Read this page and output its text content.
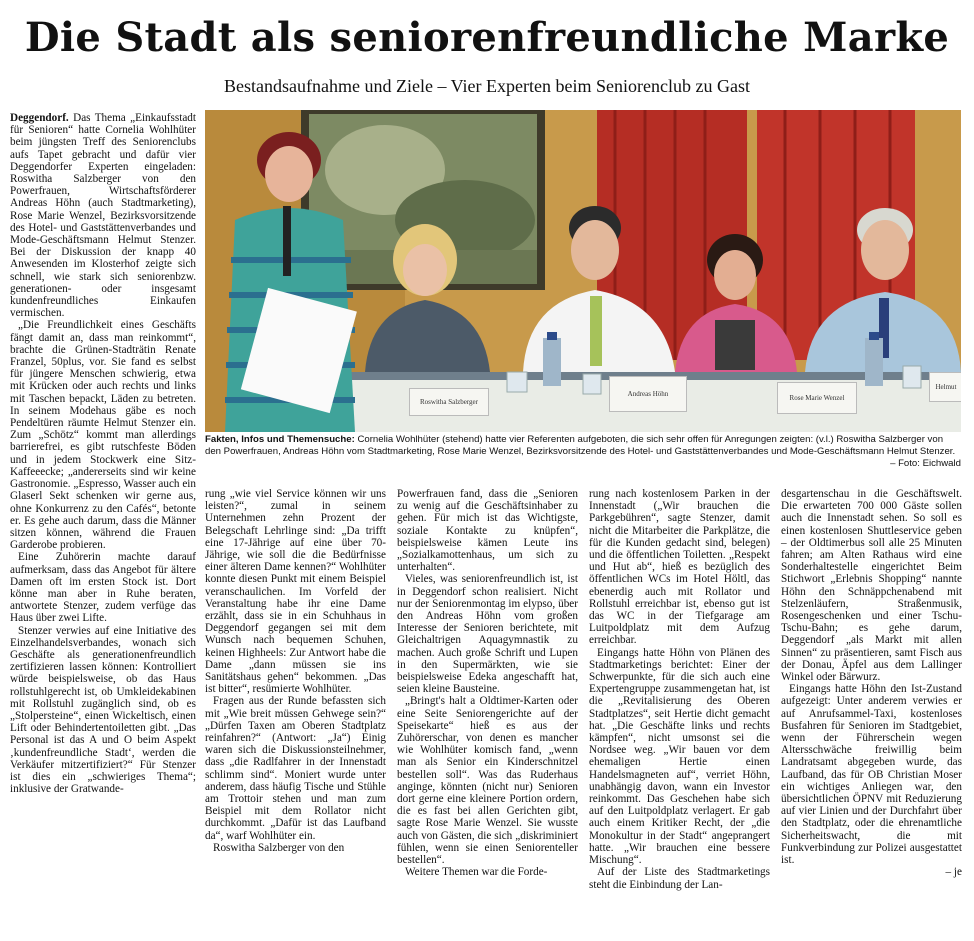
Die Stadt als seniorenfreundliche Marke
Bestandsaufnahme und Ziele – Vier Experten beim Seniorenclub zu Gast

Deggendorf. Das Thema „Einkaufsstadt für Senioren“ hatte Cornelia Wohlhüter beim jüngsten Treff des Seniorenclubs aufs Tapet gebracht und dafür vier Deggendorfer Experten eingeladen: Roswitha Salzberger von den Powerfrauen, Wirtschaftsförderer Andreas Höhn (auch Stadtmarketing), Rose Marie Wenzel, Bezirksvorsitzende des Hotel- und Gaststättenverbandes und Mode-Geschäftsmann Helmut Stenzer. Bei der Diskussion der knapp 40 Anwesenden im Klosterhof zeigte sich schnell, wie stark sich seniorenbzw. generationen- oder insgesamt kundenfreundliches Einkaufen vermischen.

„Die Freundlichkeit eines Geschäfts fängt damit an, dass man reinkommt“, brachte die Grünen-Stadträtin Renate Franzel, 50plus, vor. Sie fand es selbst für jüngere Menschen schwierig, etwa mit Krücken oder auch rechts und links mit Taschen bepackt, Läden zu betreten. In seinem Modehaus gäbe es noch Pendeltüren räumte Helmut Stenzer ein. Zum „Schötz“ kommt man allerdings barrierefrei, es gibt rutschfeste Böden und in jedem Stockwerk eine Sitz-Kaffeeecke; „andererseits sind wir keine Gastronomie. „Espresso, Wasser auch ein Glaserl Sekt schenken wir gerne aus, ohne Konkurrenz zu den Cafés“, betonte er. Es gehe auch darum, dass die Männer sitzen können, während die Frauen Garderobe probieren.

Eine Zuhörerin machte darauf aufmerksam, dass das Angebot für ältere Damen oft im ersten Stock ist. Dort könne man aber in Ruhe beraten, antwortete Stenzer, zudem verfüge das Haus über zwei Lifte.

Stenzer verwies auf eine Initiative des Einzelhandelsverbandes, wonach sich Geschäfte als generationenfreundlich zertifizieren lassen können: Kontrolliert würde beispielsweise, ob das Haus rollstuhlgerecht ist, ob Umkleidekabinen mit Rollstuhl zugänglich sind, ob es „Stolpersteine“, einen Wickeltisch, einen Lift oder Behindertentoiletten gibt. „Das Personal ist das A und O beim Aspekt ‚kundenfreundliche Stadt‘, werden die Verkäufer mitzertifiziert?“ Für Stenzer ist dies ein „schwieriges Thema“; inklusive der Gratwande-

Roswitha Salzberger
Andreas Höhn	Rose Marie Wenzel
Helmut
Fakten, Infos und Themensuche: Cornelia Wohlhüter (stehend) hatte vier Referenten aufgeboten, die sich sehr offen für Anregungen zeigten: (v.l.) Roswitha Salzberger von den Powerfrauen, Andreas Höhn vom Stadtmarketing, Rose Marie Wenzel, Bezirksvorsitzende des Hotel- und Gaststättenverbandes und Mode-Geschäftsmann Helmut Stenzer.
– Foto: Eichwald

rung „wie viel Service können wir uns leisten?“, zumal in seinem Unternehmen zehn Prozent der Belegschaft Lehrlinge sind: „Da trifft eine 17-Jährige auf eine über 70-Jährige, wie soll die die Bedürfnisse einer älteren Dame kennen?“ Wohlhüter konnte diesen Punkt mit einem Beispiel veranschaulichen. Im Vorfeld der Veranstaltung habe ihr eine Dame erzählt, dass sie in ein Schuhhaus in Deggendorf gegangen sei mit dem Wunsch nach bequemen Schuhen, keinen Highheels: Zur Antwort habe die Dame „dann müssen sie ins Sanitätshaus gehen“ bekommen. „Das ist bitter“, resümierte Wohlhüter.

Fragen aus der Runde befassten sich mit „Wie breit müssen Gehwege sein?“ „Dürfen Taxen am Oberen Stadtplatz reinfahren?“ (Antwort: „Ja“) Einig waren sich die Diskussionsteilnehmer, dass „die Radlfahrer in der Innenstadt schlimm sind“. Moniert wurde unter anderem, dass häufig Tische und Stühle am Trottoir stehen und man zum Beispiel mit dem Rollator nicht durchkommt. „Dafür ist das Laufband da“, warf Wohlhüter ein.

Roswitha Salzberger von den

Powerfrauen fand, dass die „Senioren zu wenig auf die Geschäftsinhaber zu gehen. Für mich ist das Wichtigste, soziale Kontakte zu knüpfen“, beispielsweise kämen Leute ins „Sozialkamottenhaus, um sich zu unterhalten“.

Vieles, was seniorenfreundlich ist, ist in Deggendorf schon realisiert. Nicht nur der Seniorenmontag im elypso, über den Andreas Höhn vom großen Interesse der Senioren berichtete, mit Gleichaltrigen Aquagymnastik zu machen. Auch große Schrift und Lupen in den Supermärkten, wie sie beispielsweise Edeka angeschafft hat, seien kleine Bausteine.

„Bringt's halt a Oldtimer-Karten oder eine Seite Seniorengerichte auf der Speisekarte“ hieß es aus der Zuhörerschar, von denen es mancher wie Wohlhüter komisch fand, „wenn man als Senior ein Kinderschnitzel bestellen soll“. Was das Ruderhaus anginge, könnten (nicht nur) Senioren dort gerne eine kleinere Portion ordern, die es fast bei allen Gerichten gibt, sagte Rose Marie Wenzel. Sie wusste auch von Gästen, die sich „diskriminiert fühlen, wenn sie einen Seniorenteller bestellen“.

Weitere Themen war die Forde-

rung nach kostenlosem Parken in der Innenstadt („Wir brauchen die Parkgebühren“, sagte Stenzer, damit nicht die Mitarbeiter die Parkplätze, die für die Kunden gedacht sind, belegen) und die öffentlichen Toiletten. „Respekt und Hut ab“, hieß es bezüglich des öffentlichen WCs im Hotel Höltl, das ebenerdig auch mit Rollator und Rollstuhl erreichbar ist, ebenso gut ist das WC in der Tiefgarage am Luitpoldplatz mit dem Aufzug erreichbar.

Eingangs hatte Höhn von Plänen des Stadtmarketings berichtet: Einer der Schwerpunkte, für die sich auch eine Expertengruppe zusammengetan hat, ist die „Revitalisierung des Oberen Stadtplatzes“, seit Hertie dicht gemacht hat. „Die Geschäfte links und rechts kämpfen“, nicht umsonst sei die Nordsee weg. „Wir bauen vor dem ehemaligen Hertie einen Handelsmagneten auf“, verriet Höhn, unabhängig davon, wann ein Investor reinkommt. Das Geschehen habe sich auf den Luitpoldplatz verlagert. Er gab auch einem Kritiker Recht, der „die Monokultur in der Stadt“ angeprangert hatte. „Wir brauchen eine bessere Mischung“.

Auf der Liste des Stadtmarketings steht die Einbindung der Lan-

desgartenschau in die Geschäftswelt. Die erwarteten 700 000 Gäste sollen auch die Innenstadt sehen. So soll es einen kostenlosen Shuttleservice geben – der Oldtimerbus soll alle 25 Minuten fahren; am Alten Rathaus wird eine Sonderhaltestelle eingerichtet Beim Stichwort „Erlebnis Shopping“ nannte Höhn den Schnäppchenabend mit Stelzenläufern, Straßenmusik, Rosengeschenken und einer Tschu-Tschu-Bahn; es gehe darum, Deggendorf „als Markt mit allen Sinnen“ zu präsentieren, samt Fisch aus der Donau, Äpfel aus dem Lallinger Winkel oder Bärwurz.

Eingangs hatte Höhn den Ist-Zustand aufgezeigt: Unter anderem verwies er auf Anrufsammel-Taxi, kostenloses Busfahren für Senioren im Stadtgebiet, wenn der Führerschein wegen Altersschwäche freiwillig beim Landratsamt abgegeben wurde, das Laufband, das für OB Christian Moser ein wichtiges Anliegen war, den übersichtlichen ÖPNV mit Reduzierung auf vier Linien und der Durchfahrt über den Stadtplatz, oder die ehrenamtliche Sicherheitswacht, die mit Funkverbindung zur Polizei ausgestattet ist.

– je
